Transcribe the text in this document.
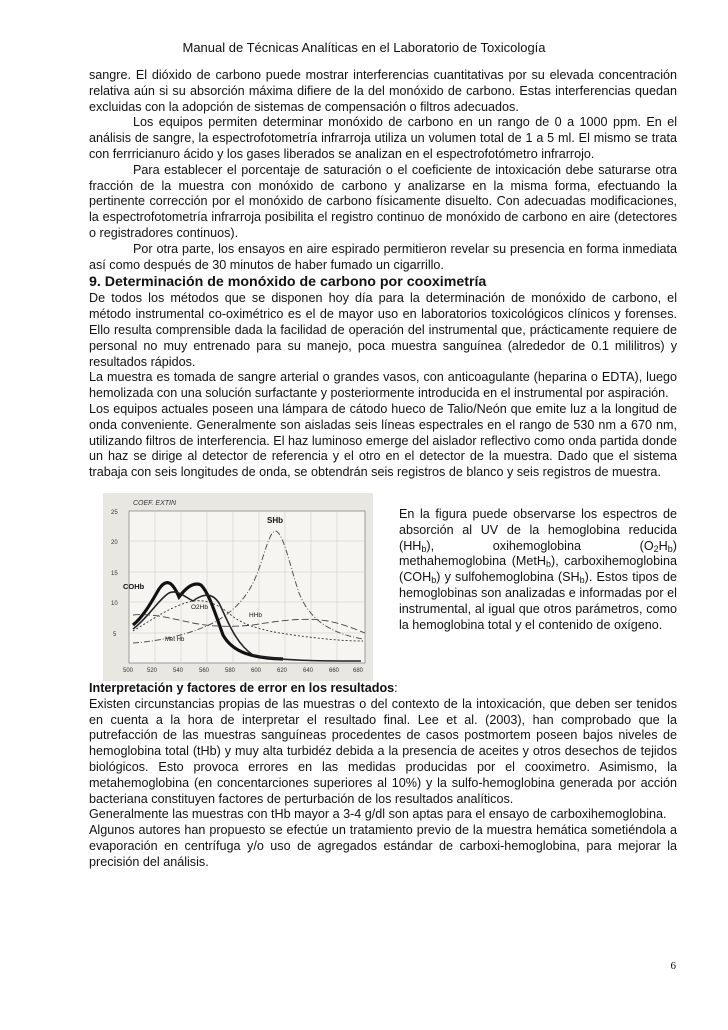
Manual de Técnicas Analíticas en el Laboratorio de Toxicología

sangre. El dióxido de carbono puede mostrar interferencias cuantitativas por su elevada concentración relativa aún si su absorción máxima difiere de la del monóxido de carbono. Estas interferencias quedan excluidas con la adopción de sistemas de compensación o filtros adecuados.

Los equipos permiten determinar monóxido de carbono en un rango de 0 a 1000 ppm. En el análisis de sangre, la espectrofotometría infrarroja utiliza un volumen total de 1 a 5 ml. El mismo se trata con ferrricianuro ácido y los gases liberados se analizan en el espectrofotómetro infrarrojo.

Para establecer el porcentaje de saturación o el coeficiente de intoxicación debe saturarse otra fracción de la muestra con monóxido de carbono y analizarse en la misma forma, efectuando la pertinente corrección por el monóxido de carbono físicamente disuelto. Con adecuadas modificaciones, la espectrofotometría infrarroja posibilita el registro continuo de monóxido de carbono en aire (detectores o registradores continuos).

Por otra parte, los ensayos en aire espirado permitieron revelar su presencia en forma inmediata así como después de 30 minutos de haber fumado un cigarrillo.

9. Determinación de monóxido de carbono por cooximetría

De todos los métodos que se disponen hoy día para la determinación de monóxido de carbono, el método instrumental co-oximétrico es el de mayor uso en laboratorios toxicológicos clínicos y forenses. Ello resulta comprensible dada la facilidad de operación del instrumental que, prácticamente requiere de personal no muy entrenado para su manejo, poca muestra sanguínea (alrededor de 0.1 mililitros) y resultados rápidos.

La muestra es tomada de sangre arterial o grandes vasos, con anticoagulante (heparina o EDTA), luego hemolizada con una solución surfactante y posteriormente introducida en el instrumental por aspiración.

Los equipos actuales poseen una lámpara de cátodo hueco de Talio/Neón que emite luz a la longitud de onda conveniente. Generalmente son aisladas seis líneas espectrales en el rango de 530 nm a 670 nm, utilizando filtros de interferencia. El haz luminoso emerge del aislador reflectivo como onda partida donde un haz se dirige al detector de referencia y el otro en el detector de la muestra. Dado que el sistema trabaja con seis longitudes de onda, se obtendrán seis registros de blanco y seis registros de muestra.

COEF. EXTIN
25
20
15
10
5
500 520	540	560	580	600	620	640	660 680
SHb
COHb
O2Hb
HHb
Met Hb
En la figura puede observarse los espectros de absorción al UV de la hemoglobina reducida $(HH_b)$, oxihemoglobina $(O_2H_b)$ methahemoglobina (MetH$_b$), carboxihemoglobina $(COH_b)$ y sulfohemoglobina $(SH_b)$. Estos tipos de hemoglobinas son analizadas e informadas por el instrumental, al igual que otros parámetros, como la hemoglobina total y el contenido de oxígeno.

Interpretación y factores de error en los resultados:

Existen circunstancias propias de las muestras o del contexto de la intoxicación, que deben ser tenidos en cuenta a la hora de interpretar el resultado final. Lee et al. (2003), han comprobado que la putrefacción de las muestras sanguíneas procedentes de casos postmortem poseen bajos niveles de hemoglobina total (tHb) y muy alta turbidéz debida a la presencia de aceites y otros desechos de tejidos biológicos. Esto provoca errores en las medidas producidas por el cooximetro. Asimismo, la metahemoglobina (en concentarciones superiores al 10%) y la sulfo-hemoglobina generada por acción bacteriana constituyen factores de perturbación de los resultados analíticos.

Generalmente las muestras con tHb mayor a 3-4 g/dl son aptas para el ensayo de carboxihemoglobina.

Algunos autores han propuesto se efectúe un tratamiento previo de la muestra hemática sometiéndola a evaporación en centrífuga y/o uso de agregados estándar de carboxi-hemoglobina, para mejorar la precisión del análisis.

6
